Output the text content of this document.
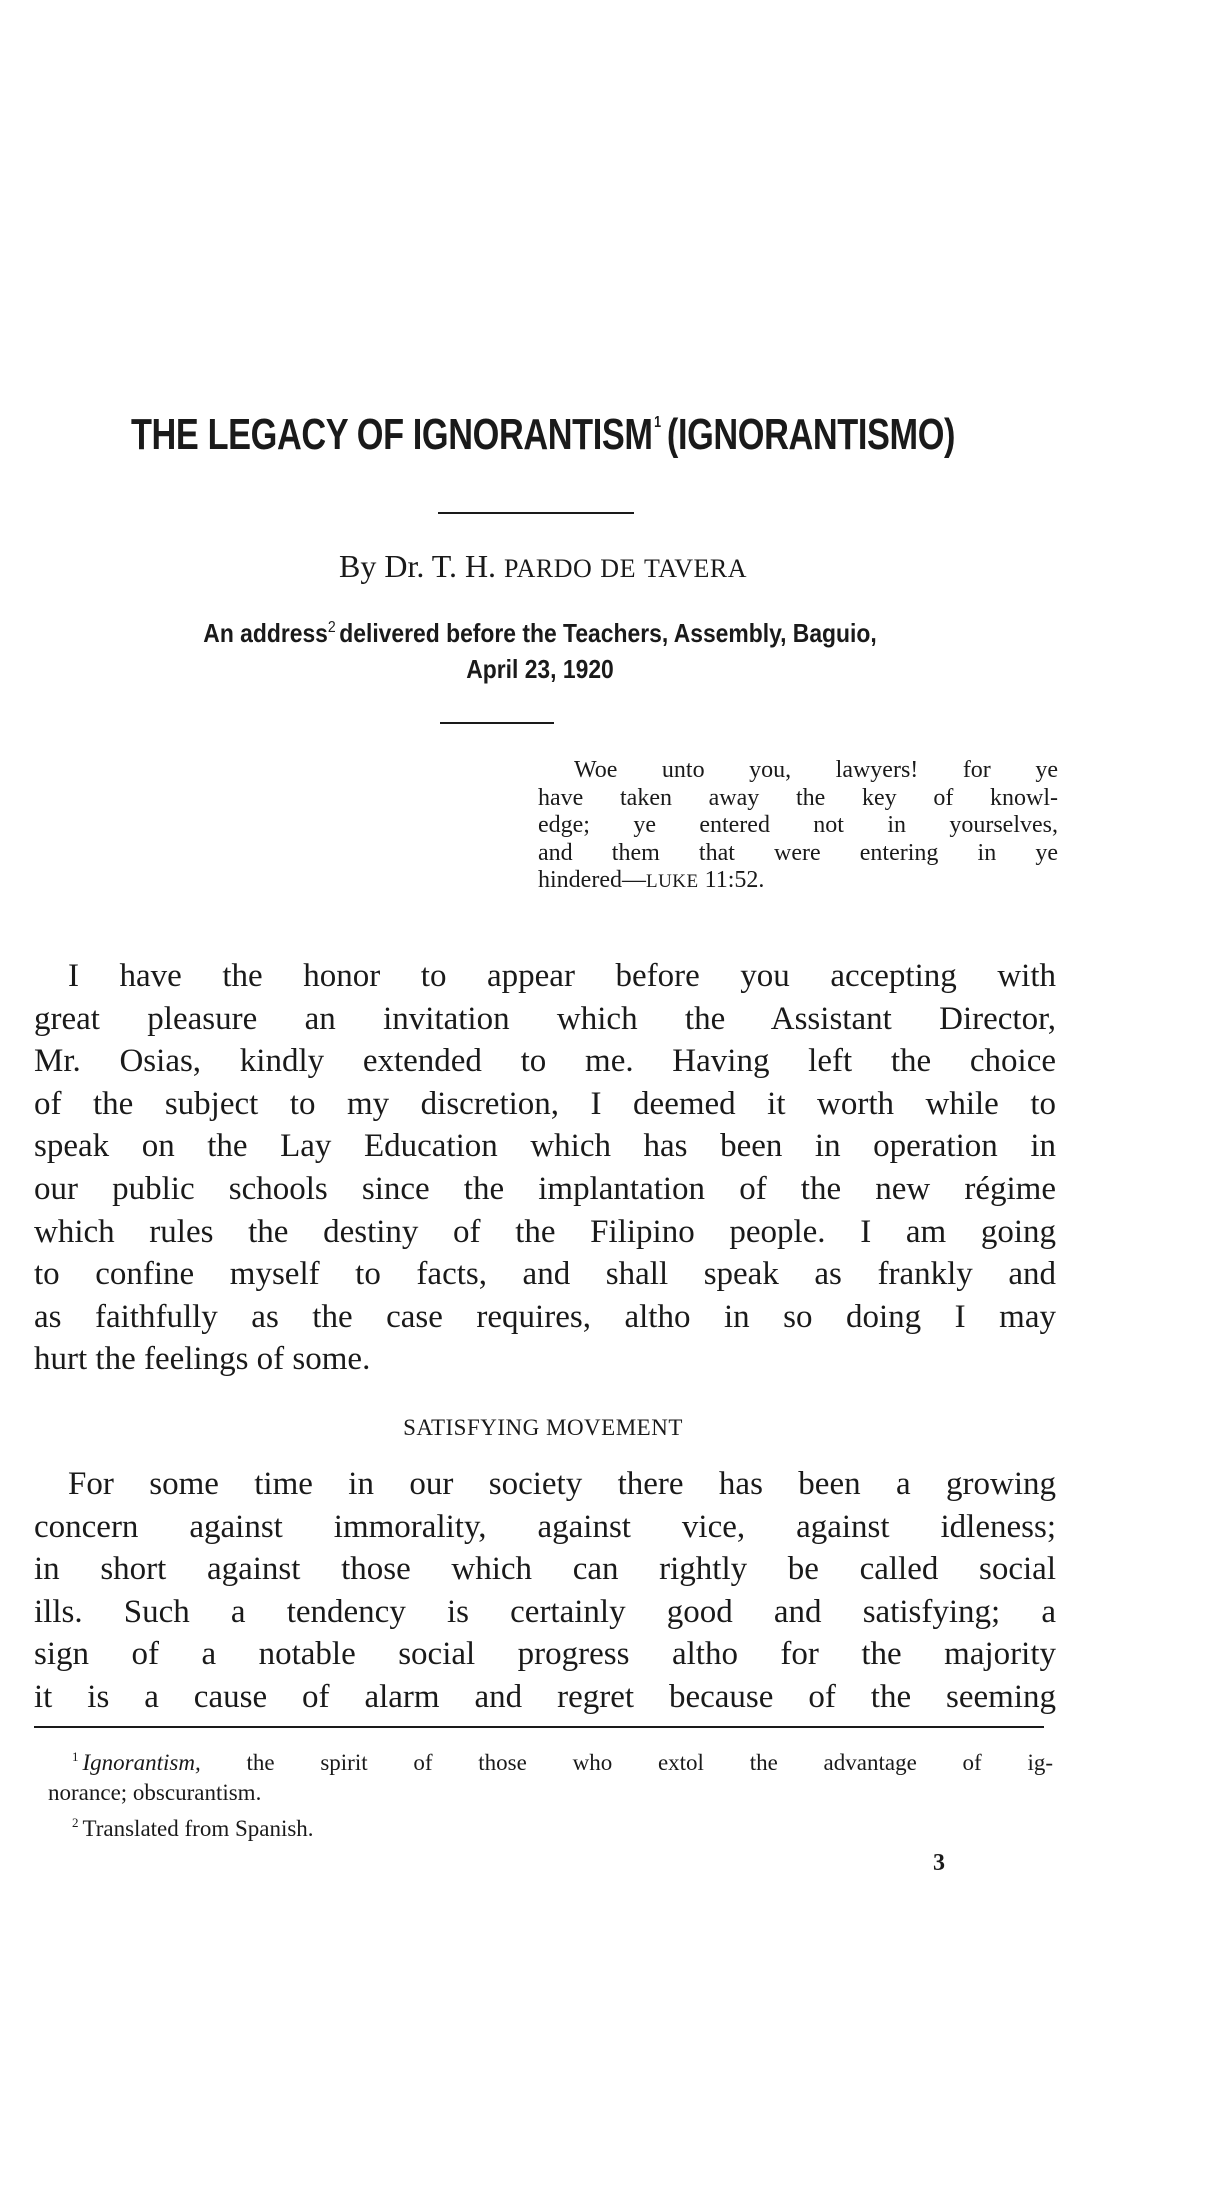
THE LEGACY OF IGNORANTISM$^1$ (IGNORANTISMO)
By Dr. T. H. PARDO DE TAVERA
An address$^2$ delivered before the Teachers, Assembly, Baguio,
April 23, 1920
Woe unto you, lawyers! for ye
have taken away the key of knowl-
edge; ye entered not in yourselves,
and them that were entering in ye
hindered—LUKE 11:52.
I have the honor to appear before you accepting with
great pleasure an invitation which the Assistant Director,
Mr. Osias, kindly extended to me. Having left the choice
of the subject to my discretion, I deemed it worth while to
speak on the Lay Education which has been in operation in
our public schools since the implantation of the new régime
which rules the destiny of the Filipino people. I am going
to confine myself to facts, and shall speak as frankly and
as faithfully as the case requires, altho in so doing I may
hurt the feelings of some.
SATISFYING MOVEMENT
For some time in our society there has been a growing
concern against immorality, against vice, against idleness;
in short against those which can rightly be called social
ills. Such a tendency is certainly good and satisfying; a
sign of a notable social progress altho for the majority
it is a cause of alarm and regret because of the seeming
$^1$ Ignorantism, the spirit of those who extol the advantage of ig-
norance; obscurantism.
$^2$ Translated from Spanish.
3
